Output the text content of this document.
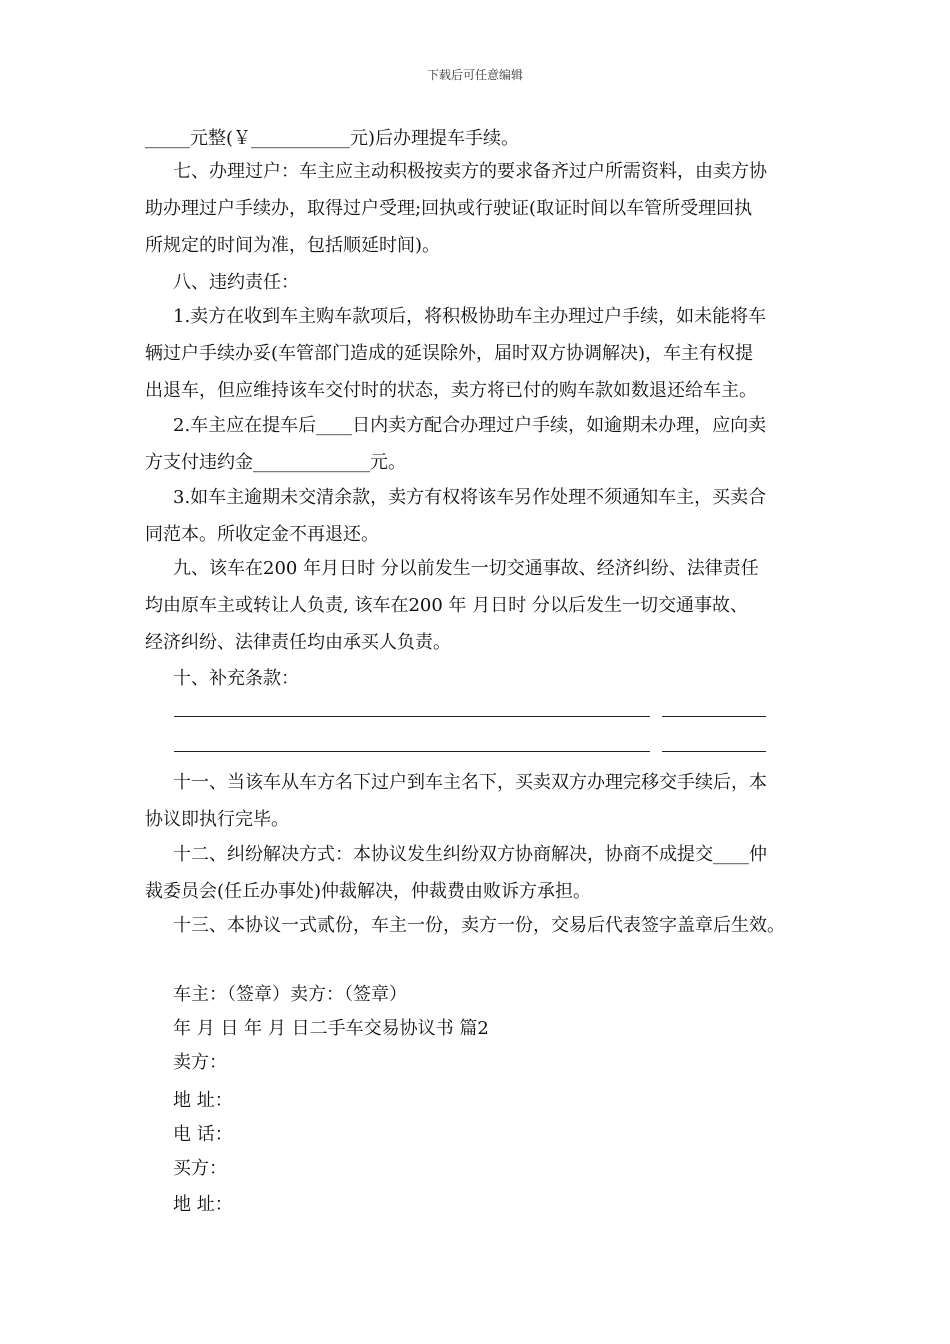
下载后可任意编辑
_____元整(￥___________元)后办理提车手续。
七、办理过户：车主应主动积极按卖方的要求备齐过户所需资料，由卖方协
助办理过户手续办，取得过户受理;回执或行驶证(取证时间以车管所受理回执
所规定的时间为准，包括顺延时间)。
八、违约责任：
1.卖方在收到车主购车款项后，将积极协助车主办理过户手续，如未能将车
辆过户手续办妥(车管部门造成的延误除外，届时双方协调解决)，车主有权提
出退车，但应维持该车交付时的状态，卖方将已付的购车款如数退还给车主。
2.车主应在提车后____日内卖方配合办理过户手续，如逾期未办理，应向卖
方支付违约金_____________元。
3.如车主逾期未交清余款，卖方有权将该车另作处理不须通知车主，买卖合
同范本。所收定金不再退还。
九、该车在200 年月日时 分以前发生一切交通事故、经济纠纷、法律责任
均由原车主或转让人负责, 该车在200 年 月日时 分以后发生一切交通事故、
经济纠纷、法律责任均由承买人负责。
十、补充条款：
十一、当该车从车方名下过户到车主名下，买卖双方办理完移交手续后，本
协议即执行完毕。
十二、纠纷解决方式：本协议发生纠纷双方协商解决，协商不成提交____仲
裁委员会(任丘办事处)仲裁解决，仲裁费由败诉方承担。
十三、本协议一式贰份，车主一份，卖方一份，交易后代表签字盖章后生效。
车主：（签章）卖方：（签章）
年 月 日 年 月 日二手车交易协议书 篇2
卖方：
地 址：
电 话：
买方：
地 址：
